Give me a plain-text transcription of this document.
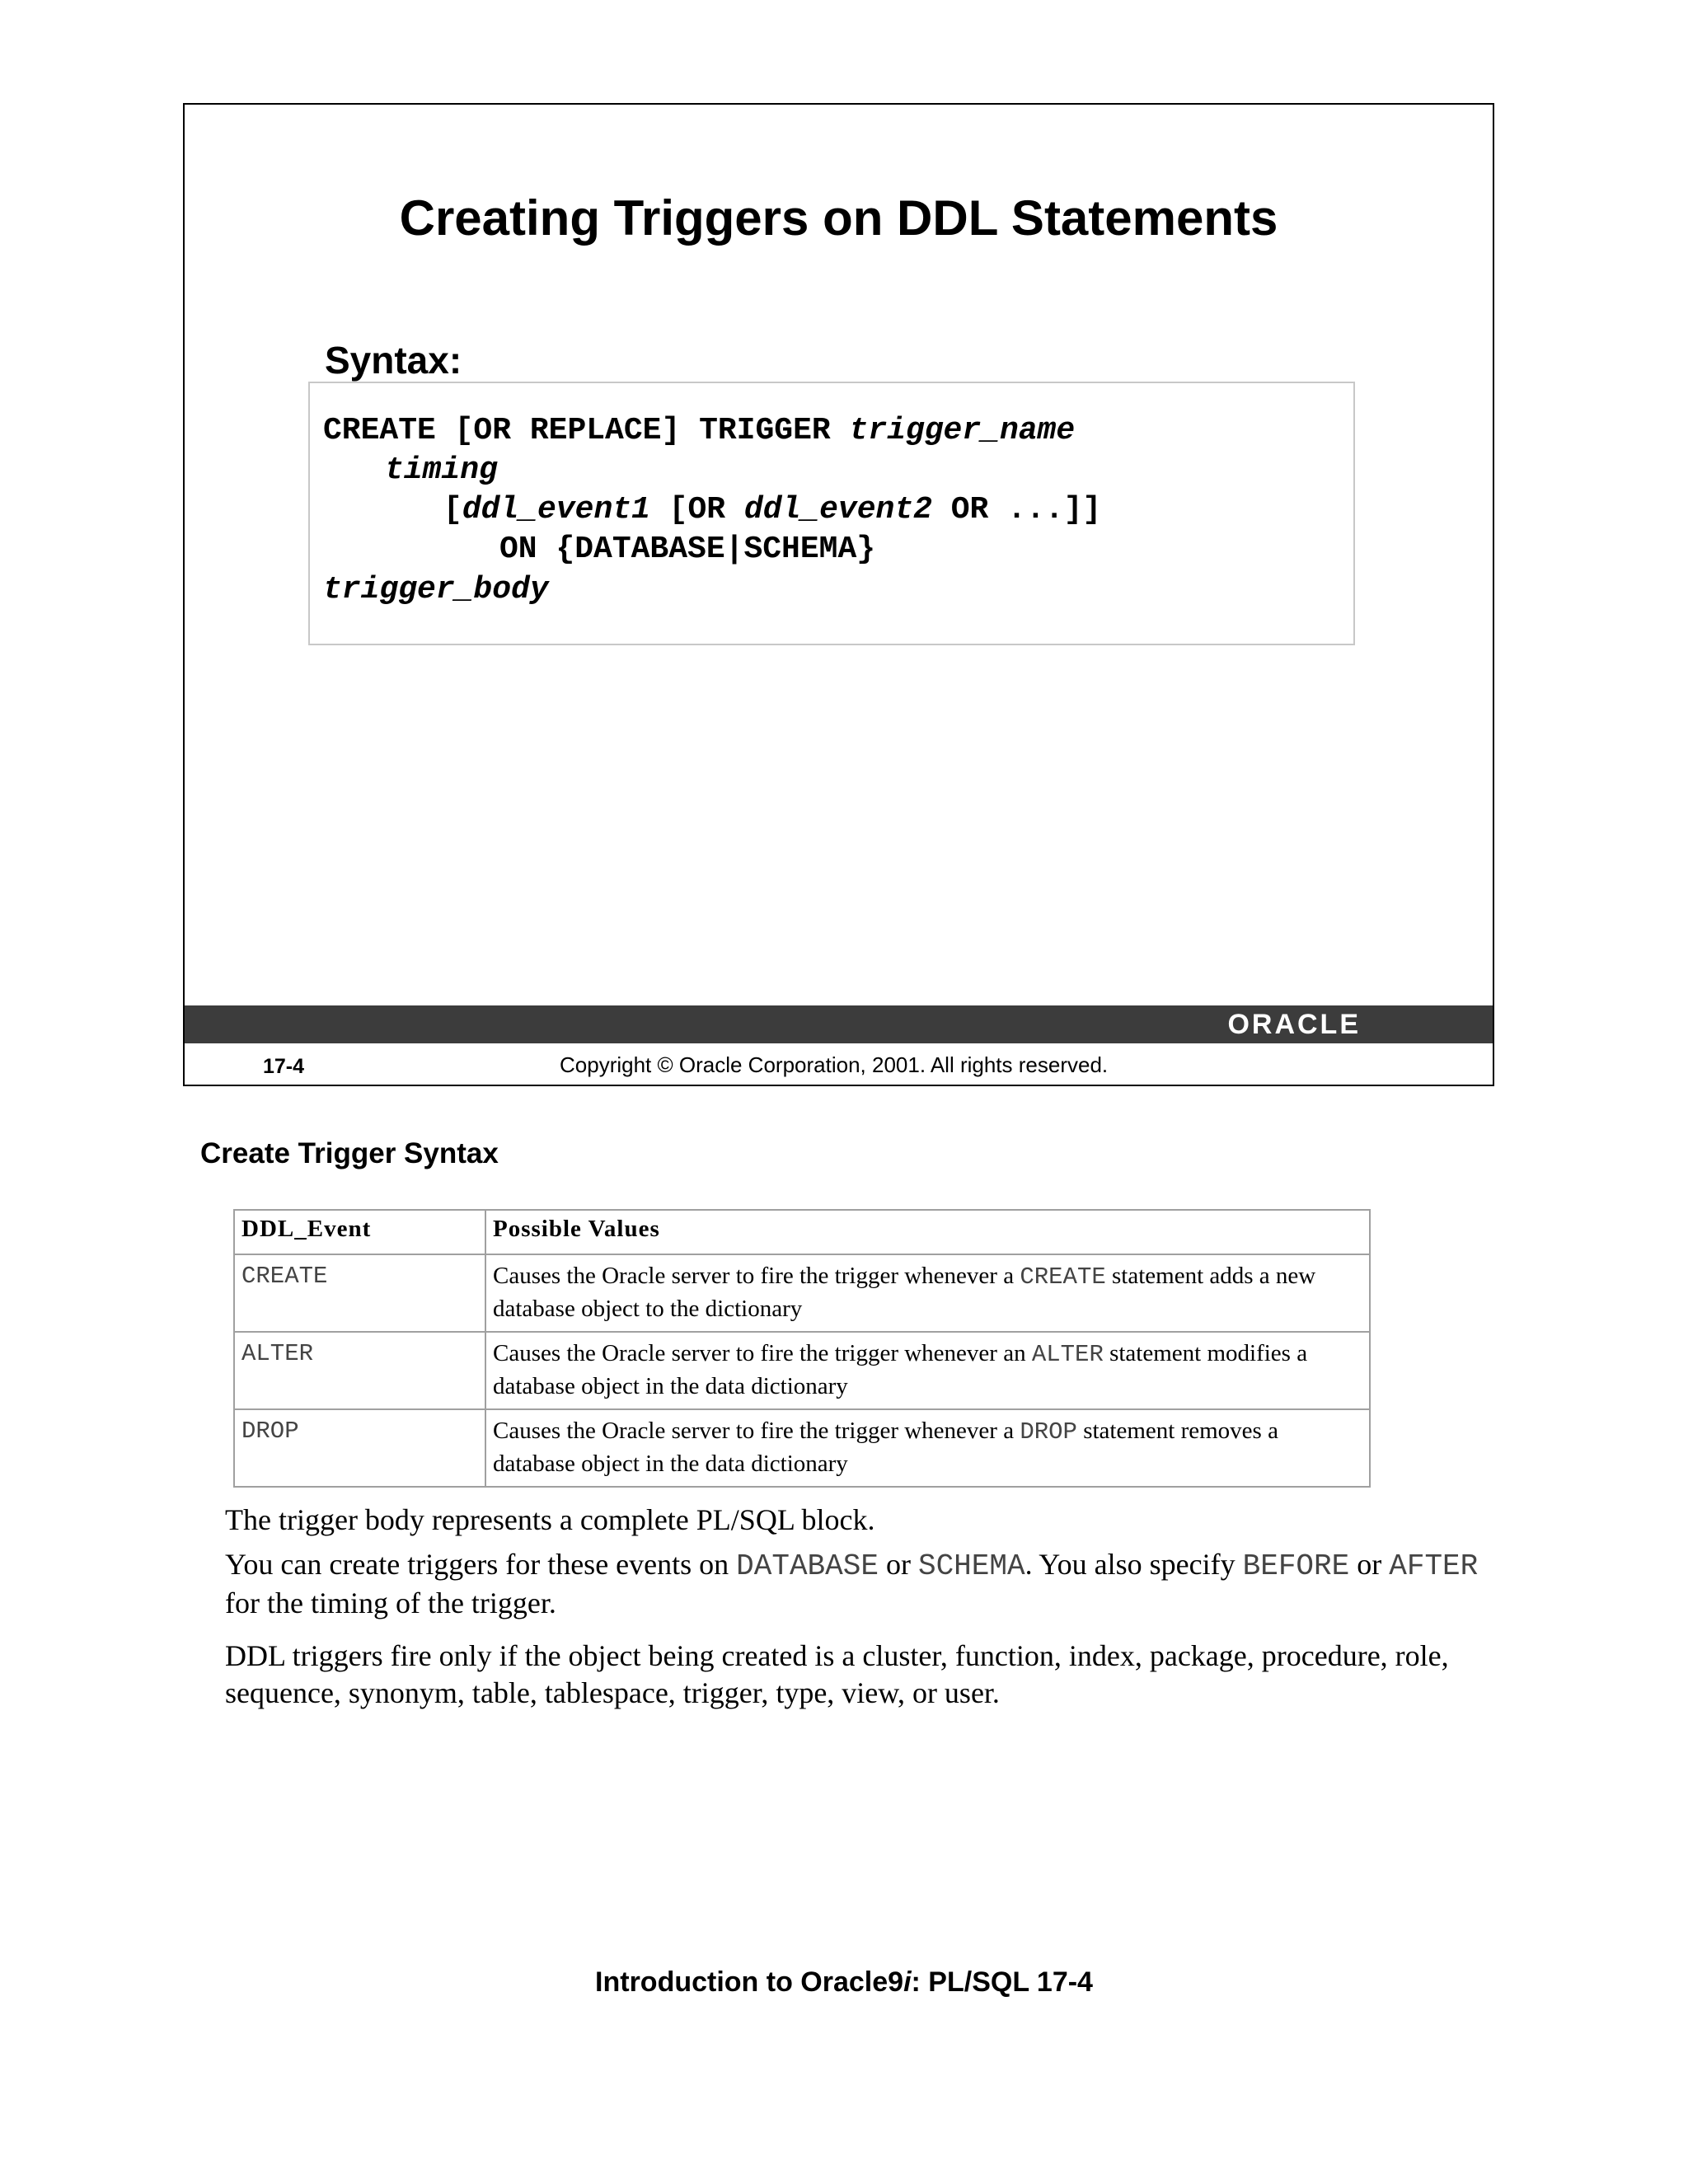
Creating Triggers on DDL Statements
Syntax:
CREATE [OR REPLACE] TRIGGER trigger_name
timing
[ddl_event1 [OR ddl_event2 OR ...]]
ON {DATABASE|SCHEMA}
trigger_body
ORACLE
17-4	Copyright © Oracle Corporation, 2001. All rights reserved.
Create Trigger Syntax
DDL_Event	Possible Values
CREATE	Causes the Oracle server to fire the trigger whenever a CREATE statement adds a new database object to the dictionary
ALTER	Causes the Oracle server to fire the trigger whenever an ALTER statement modifies a database object in the data dictionary
DROP	Causes the Oracle server to fire the trigger whenever a DROP statement removes a database object in the data dictionary
The trigger body represents a complete PL/SQL block.
You can create triggers for these events on DATABASE or SCHEMA. You also specify BEFORE or AFTER for the timing of the trigger.
DDL triggers fire only if the object being created is a cluster, function, index, package, procedure, role, sequence, synonym, table, tablespace, trigger, type, view, or user.
Introduction to Oracle9i: PL/SQL 17-4
